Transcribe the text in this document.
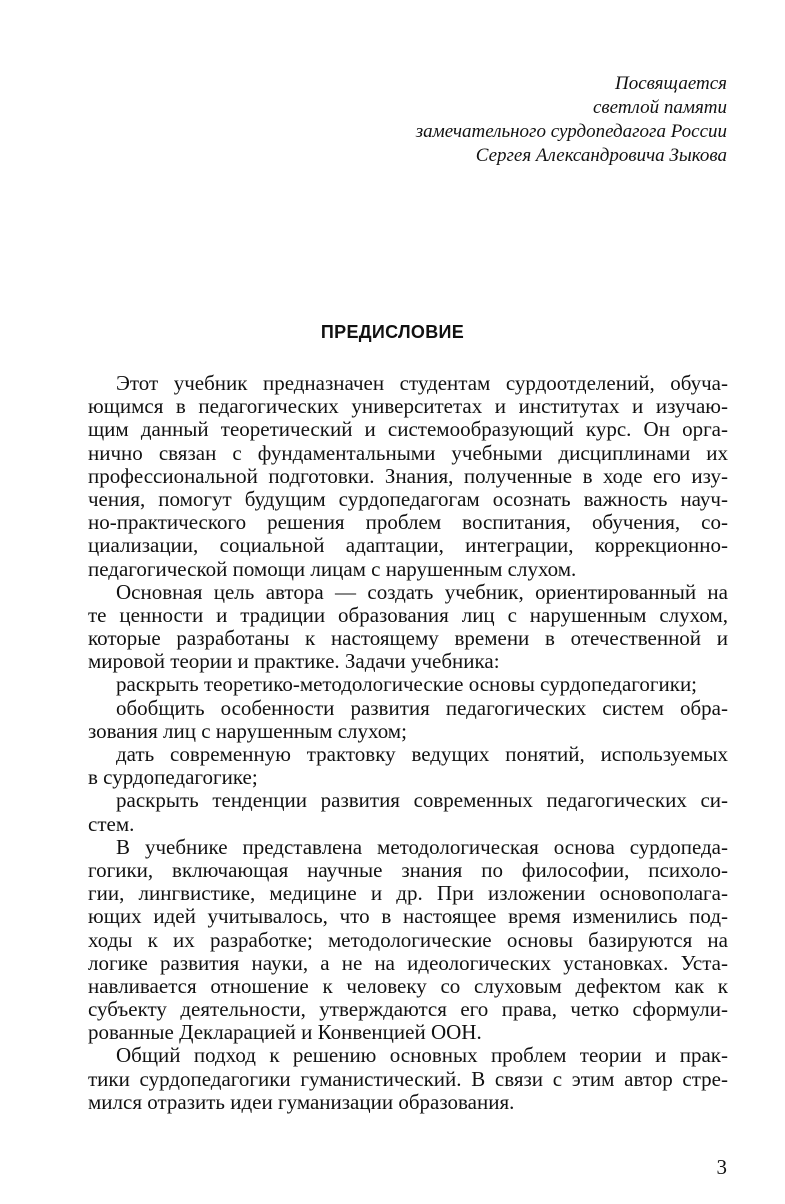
Посвящается
светлой памяти
замечательного сурдопедагога России
Сергея Александровича Зыкова
ПРЕДИСЛОВИЕ
Этот учебник предназначен студентам сурдоотделений, обуча-
ющимся в педагогических университетах и институтах и изучаю-
щим данный теоретический и системообразующий курс. Он орга-
нично связан с фундаментальными учебными дисциплинами их
профессиональной подготовки. Знания, полученные в ходе его изу-
чения, помогут будущим сурдопедагогам осознать важность науч-
но-практического решения проблем воспитания, обучения, со-
циализации, социальной адаптации, интеграции, коррекционно-
педагогической помощи лицам с нарушенным слухом.
Основная цель автора — создать учебник, ориентированный на
те ценности и традиции образования лиц с нарушенным слухом,
которые разработаны к настоящему времени в отечественной и
мировой теории и практике. Задачи учебника:
раскрыть теоретико-методологические основы сурдопедагогики;
обобщить особенности развития педагогических систем обра-
зования лиц с нарушенным слухом;
дать современную трактовку ведущих понятий, используемых
в сурдопедагогике;
раскрыть тенденции развития современных педагогических си-
стем.
В учебнике представлена методологическая основа сурдопеда-
гогики, включающая научные знания по философии, психоло-
гии, лингвистике, медицине и др. При изложении основополага-
ющих идей учитывалось, что в настоящее время изменились под-
ходы к их разработке; методологические основы базируются на
логике развития науки, а не на идеологических установках. Уста-
навливается отношение к человеку со слуховым дефектом как к
субъекту деятельности, утверждаются его права, четко сформули-
рованные Декларацией и Конвенцией ООН.
Общий подход к решению основных проблем теории и прак-
тики сурдопедагогики гуманистический. В связи с этим автор стре-
мился отразить идеи гуманизации образования.
3
